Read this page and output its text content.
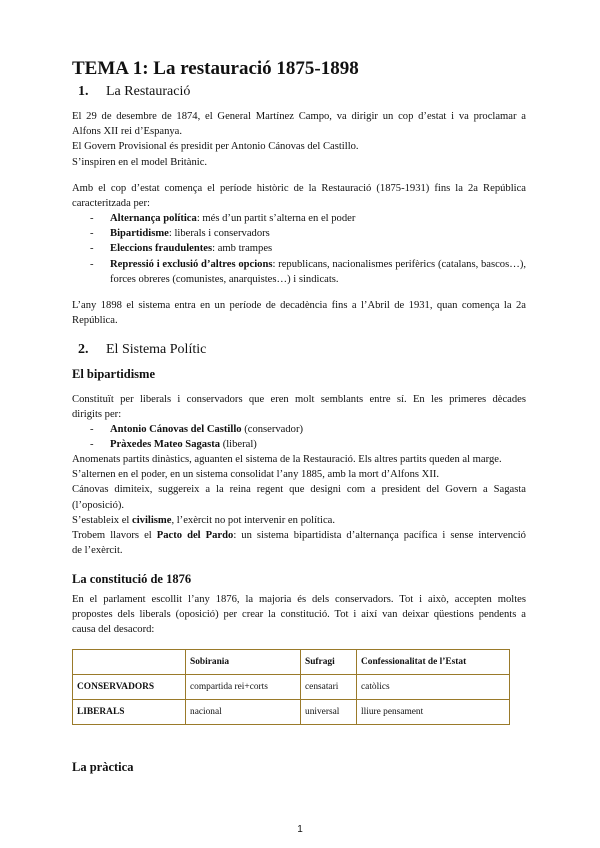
TEMA 1: La restauració 1875-1898
1. La Restauració
El 29 de desembre de 1874, el General Martínez Campo, va dirigir un cop d’estat i va proclamar a
Alfons XII rei d’Espanya.
El Govern Provisional és presidit per Antonio Cánovas del Castillo.
S’inspiren en el model Britànic.
Amb el cop d’estat comença el període històric de la Restauració (1875-1931) fins la 2a República
caracteritzada per:
-	Alternança política: més d’un partit s’alterna en el poder
-	Bipartidisme: liberals i conservadors
-	Eleccions fraudulentes: amb trampes
-	Repressió i exclusió d’altres opcions: republicans, nacionalismes perifèrics (catalans, bascos…), forces obreres (comunistes, anarquistes…) i sindicats.
L’any 1898 el sistema entra en un període de decadència fins a l’Abril de 1931, quan comença la 2a
República.
2. El Sistema Polític
El bipartidisme
Constituït per liberals i conservadors que eren molt semblants entre sí. En les primeres dècades
dirigits per:
-	Antonio Cánovas del Castillo (conservador)
-	Pràxedes Mateo Sagasta (liberal)
Anomenats partits dinàstics, aguanten el sistema de la Restauració. Els altres partits queden al marge.
S’alternen en el poder, en un sistema consolidat l’any 1885, amb la mort d’Alfons XII.
Cánovas dimiteix, suggereix a la reina regent que designi com a president del Govern a Sagasta
(l’oposició).
S’estableix el civilisme, l’exèrcit no pot intervenir en política.
Trobem llavors el Pacto del Pardo: un sistema bipartidista d’alternança pacífica i sense intervenció
de l’exèrcit.
La constitució de 1876
En el parlament escollit l’any 1876, la majoria és dels conservadors. Tot i això, accepten moltes
propostes dels liberals (oposició) per crear la constitució. Tot i així van deixar qüestions pendents a
causa del desacord:
	Sobirania	Sufragi	Confessionalitat de l’Estat
CONSERVADORS	compartida rei+corts	censatari	catòlics
LIBERALS	nacional	universal	lliure pensament
La pràctica
1
